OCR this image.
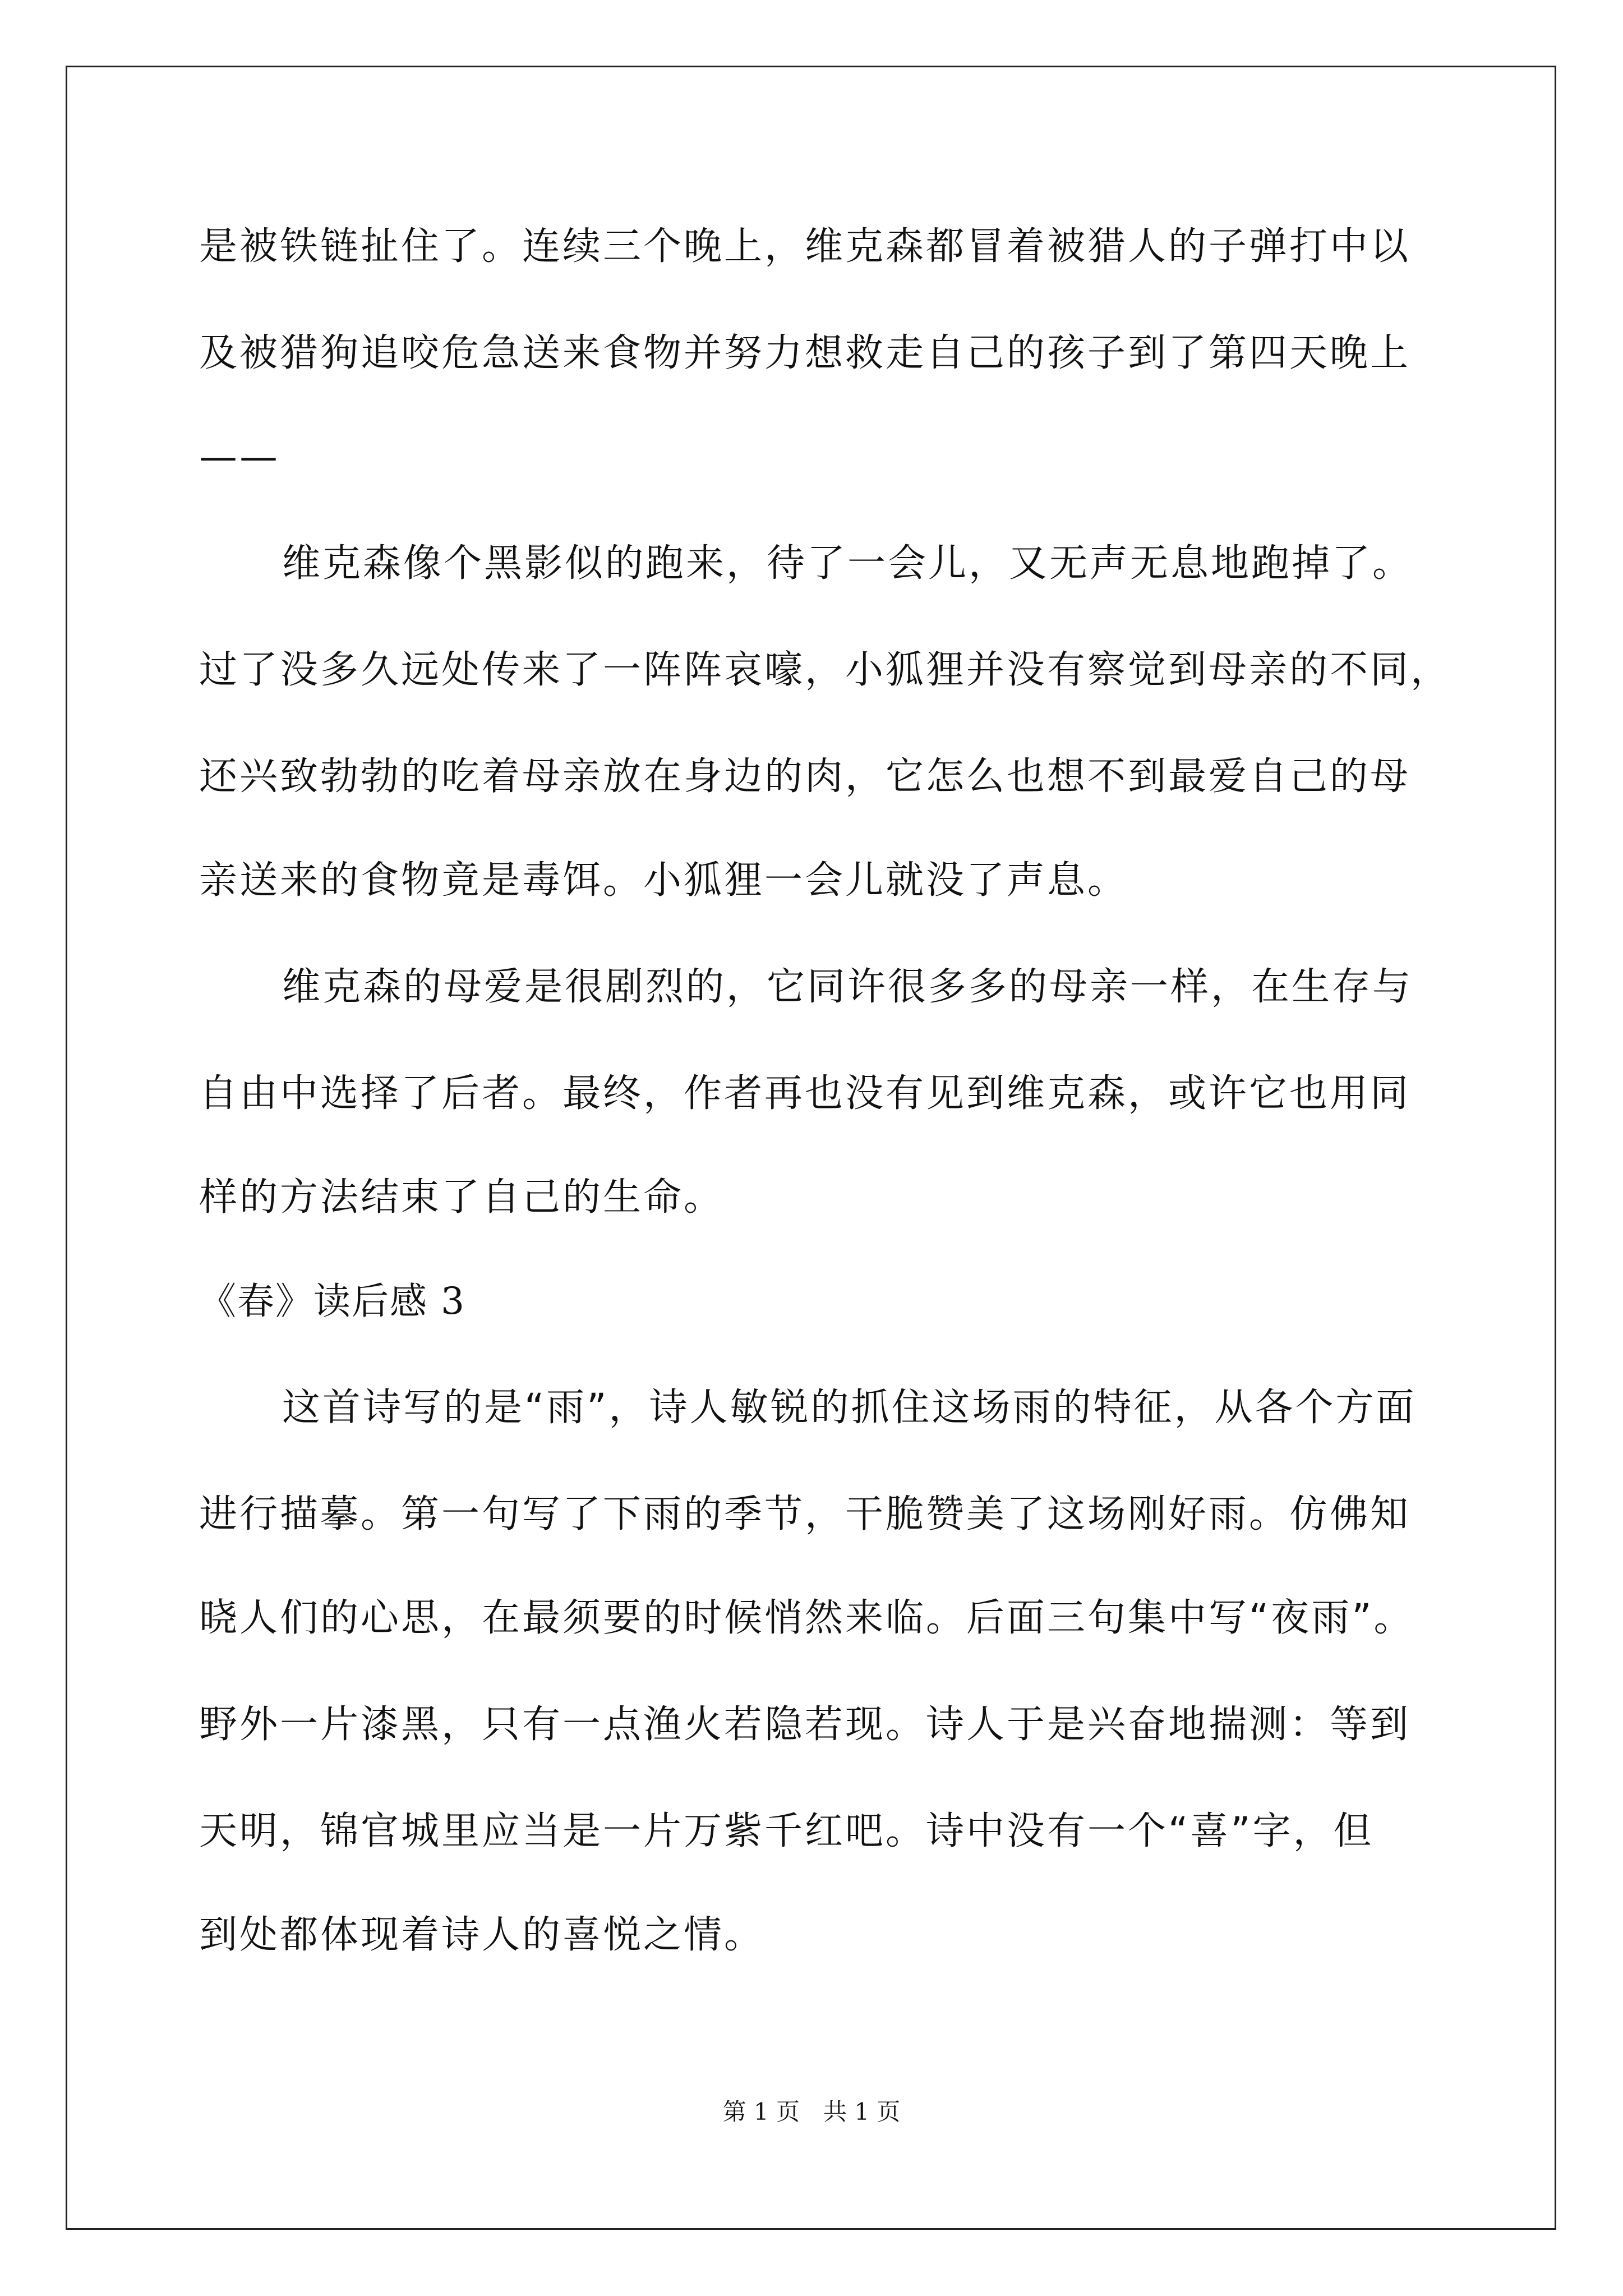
是被铁链扯住了。连续三个晚上，维克森都冒着被猎人的子弹打中以
及被猎狗追咬危急送来食物并努力想救走自己的孩子到了第四天晚上
——
维克森像个黑影似的跑来，待了一会儿，又无声无息地跑掉了。
过了没多久远处传来了一阵阵哀嚎，小狐狸并没有察觉到母亲的不同，
还兴致勃勃的吃着母亲放在身边的肉，它怎么也想不到最爱自己的母
亲送来的食物竟是毒饵。小狐狸一会儿就没了声息。
维克森的母爱是很剧烈的，它同许很多多的母亲一样，在生存与
自由中选择了后者。最终，作者再也没有见到维克森，或许它也用同
样的方法结束了自己的生命。
《春》读后感 3
这首诗写的是“雨”，诗人敏锐的抓住这场雨的特征，从各个方面
进行描摹。第一句写了下雨的季节，干脆赞美了这场刚好雨。仿佛知
晓人们的心思，在最须要的时候悄然来临。后面三句集中写“夜雨”。
野外一片漆黑，只有一点渔火若隐若现。诗人于是兴奋地揣测：等到
天明，锦官城里应当是一片万紫千红吧。诗中没有一个“喜”字，但
到处都体现着诗人的喜悦之情。
第 1 页　共 1 页
